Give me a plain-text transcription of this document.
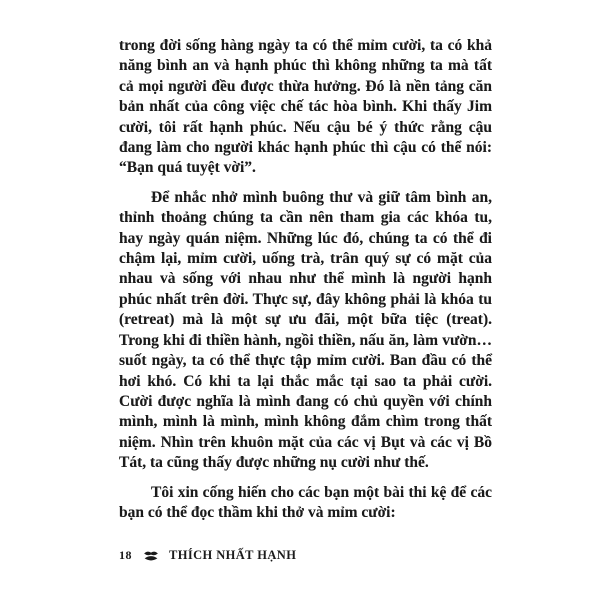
trong đời sống hàng ngày ta có thể mỉm cười, ta có khả năng bình an và hạnh phúc thì không những ta mà tất cả mọi người đều được thừa hưởng. Đó là nền tảng căn bản nhất của công việc chế tác hòa bình. Khi thấy Jim cười, tôi rất hạnh phúc. Nếu cậu bé ý thức rằng cậu đang làm cho người khác hạnh phúc thì cậu có thể nói: “Bạn quá tuyệt vời”.

Để nhắc nhở mình buông thư và giữ tâm bình an, thỉnh thoảng chúng ta cần nên tham gia các khóa tu, hay ngày quán niệm. Những lúc đó, chúng ta có thể đi chậm lại, mỉm cười, uống trà, trân quý sự có mặt của nhau và sống với nhau như thể mình là người hạnh phúc nhất trên đời. Thực sự, đây không phải là khóa tu (retreat) mà là một sự ưu đãi, một bữa tiệc (treat). Trong khi đi thiền hành, ngồi thiền, nấu ăn, làm vườn… suốt ngày, ta có thể thực tập mỉm cười. Ban đầu có thể hơi khó. Có khi ta lại thắc mắc tại sao ta phải cười. Cười được nghĩa là mình đang có chủ quyền với chính mình, mình là mình, mình không đắm chìm trong thất niệm. Nhìn trên khuôn mặt của các vị Bụt và các vị Bồ Tát, ta cũng thấy được những nụ cười như thế.

Tôi xin cống hiến cho các bạn một bài thi kệ để các bạn có thể đọc thầm khi thở và mỉm cười:

18	THÍCH NHẤT HẠNH
